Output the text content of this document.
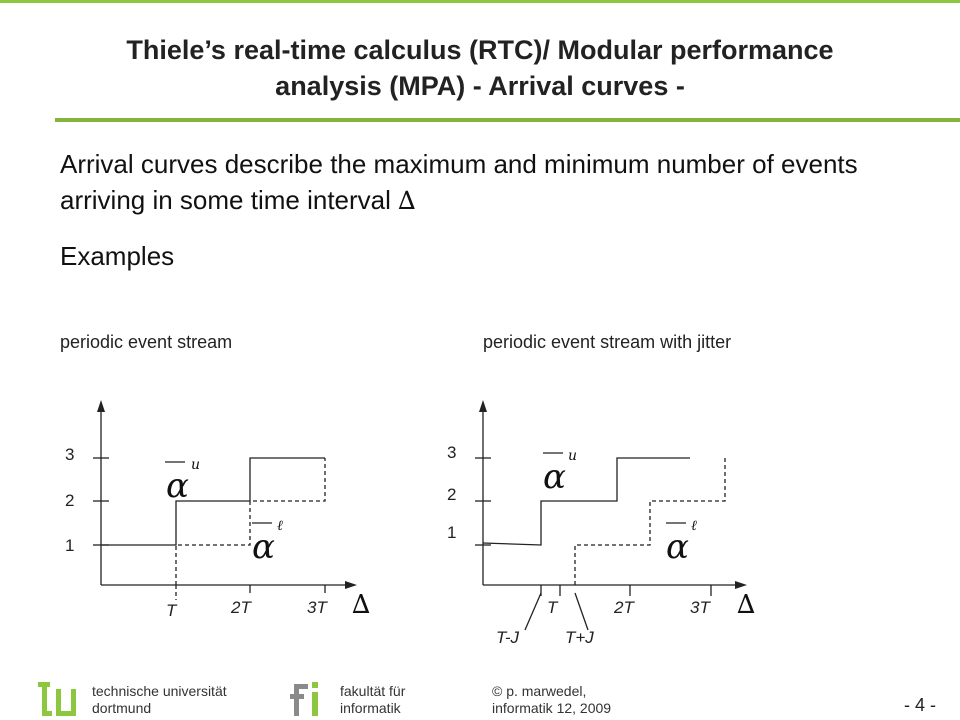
Thiele’s real-time calculus (RTC)/ Modular performance
analysis (MPA) - Arrival curves -
Arrival curves describe the maximum and minimum number of events arriving in some time interval ∆
Examples
periodic event stream	periodic event stream with jitter
1
2
3
T	2T	3T
1
2
3
T	2T	3T
T-J	T+J
∆	∆
α
u
α
ℓ
α
u
α
ℓ
technische universität
dortmund
fakultät für
informatik
© p. marwedel,
informatik 12, 2009	- 4 -
